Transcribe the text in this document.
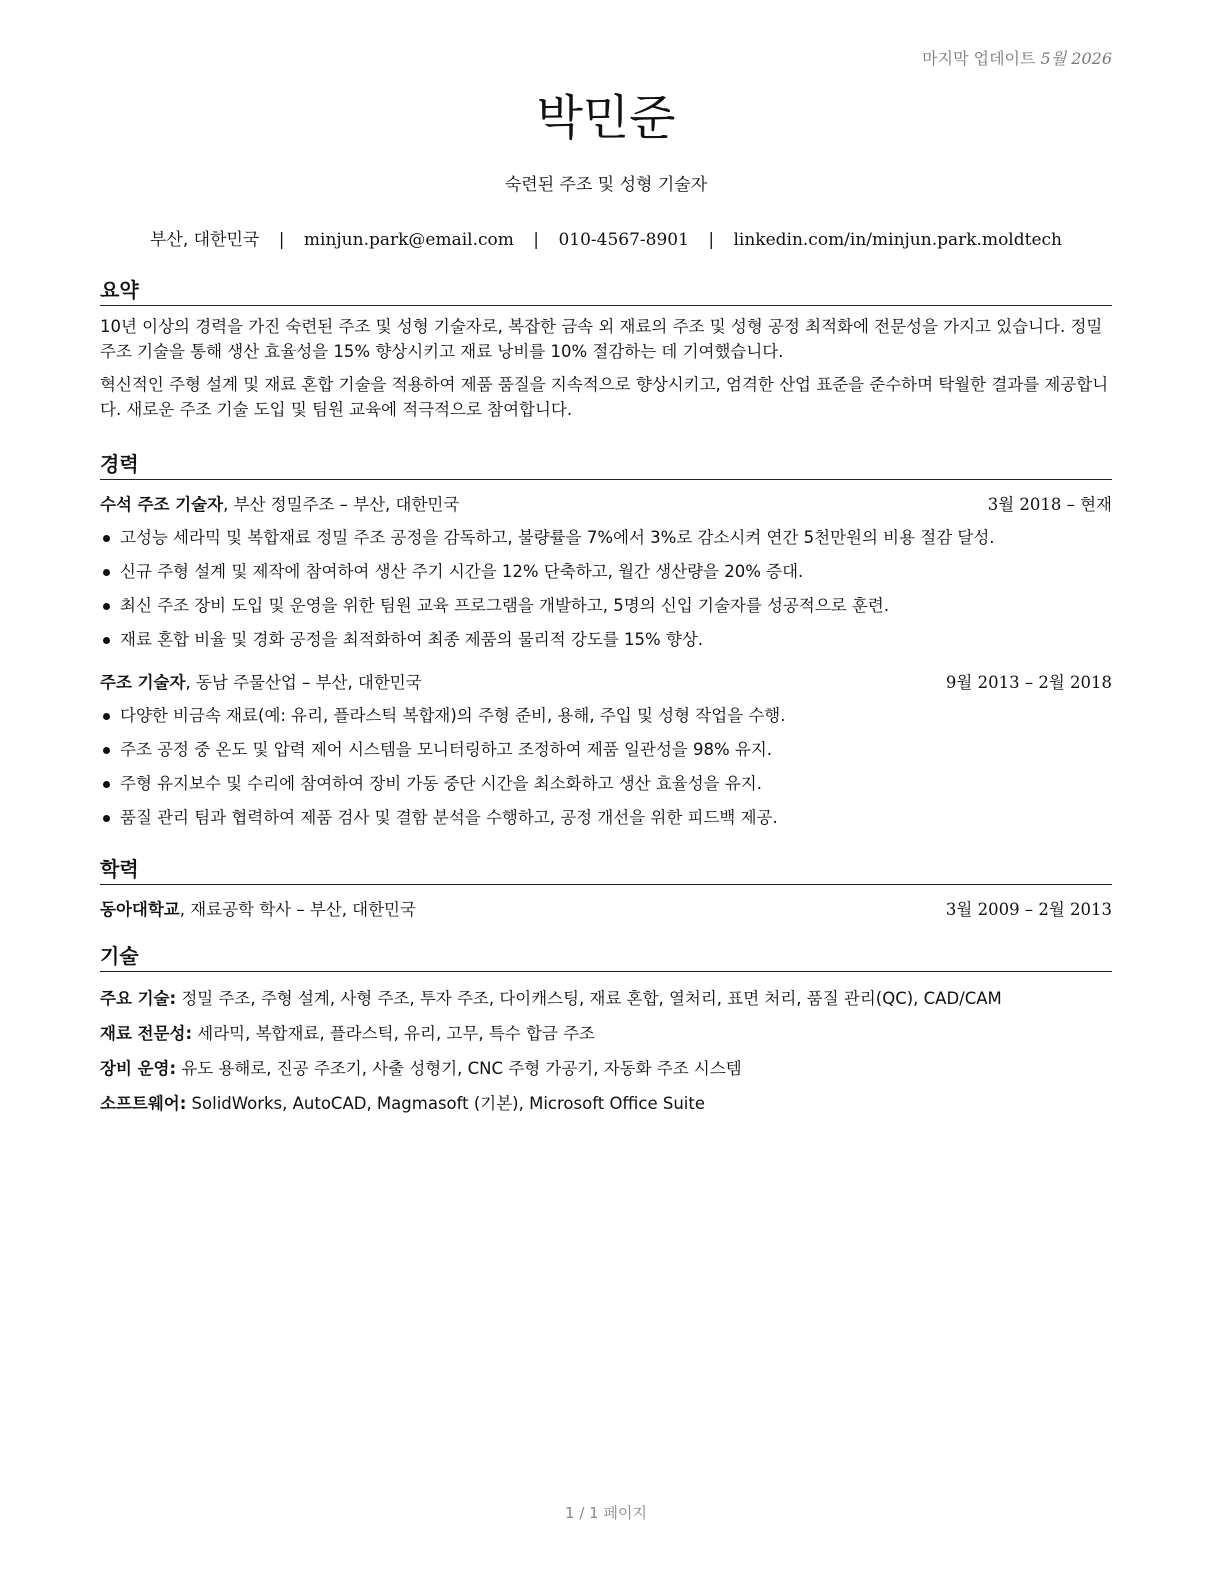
마지막 업데이트 5월 2026
박민준

숙련된 주조 및 성형 기술자

부산, 대한민국 | minjun.park@email.com | 010-4567-8901 | linkedin.com/in/minjun.park.moldtech
요약

10년 이상의 경력을 가진 숙련된 주조 및 성형 기술자로, 복잡한 금속 외 재료의 주조 및 성형 공정 최적화에 전문성을 가지고 있습니다. 정밀 주조 기술을 통해 생산 효율성을 15% 향상시키고 재료 낭비를 10% 절감하는 데 기여했습니다.

혁신적인 주형 설계 및 재료 혼합 기술을 적용하여 제품 품질을 지속적으로 향상시키고, 엄격한 산업 표준을 준수하며 탁월한 결과를 제공합니다. 새로운 주조 기술 도입 및 팀원 교육에 적극적으로 참여합니다.

경력
수석 주조 기술자, 부산 정밀주조 – 부산, 대한민국	3월 2018 – 현재
고성능 세라믹 및 복합재료 정밀 주조 공정을 감독하고, 불량률을 7%에서 3%로 감소시켜 연간 5천만원의 비용 절감 달성.
신규 주형 설계 및 제작에 참여하여 생산 주기 시간을 12% 단축하고, 월간 생산량을 20% 증대.
최신 주조 장비 도입 및 운영을 위한 팀원 교육 프로그램을 개발하고, 5명의 신입 기술자를 성공적으로 훈련.
재료 혼합 비율 및 경화 공정을 최적화하여 최종 제품의 물리적 강도를 15% 향상.
주조 기술자, 동남 주물산업 – 부산, 대한민국	9월 2013 – 2월 2018
다양한 비금속 재료(예: 유리, 플라스틱 복합재)의 주형 준비, 용해, 주입 및 성형 작업을 수행.
주조 공정 중 온도 및 압력 제어 시스템을 모니터링하고 조정하여 제품 일관성을 98% 유지.
주형 유지보수 및 수리에 참여하여 장비 가동 중단 시간을 최소화하고 생산 효율성을 유지.
품질 관리 팀과 협력하여 제품 검사 및 결함 분석을 수행하고, 공정 개선을 위한 피드백 제공.
학력
동아대학교, 재료공학 학사 – 부산, 대한민국	3월 2009 – 2월 2013
기술
주요 기술: 정밀 주조, 주형 설계, 사형 주조, 투자 주조, 다이캐스팅, 재료 혼합, 열처리, 표면 처리, 품질 관리(QC), CAD/CAM
재료 전문성: 세라믹, 복합재료, 플라스틱, 유리, 고무, 특수 합금 주조
장비 운영: 유도 용해로, 진공 주조기, 사출 성형기, CNC 주형 가공기, 자동화 주조 시스템
소프트웨어: SolidWorks, AutoCAD, Magmasoft (기본), Microsoft Office Suite
1 / 1 페이지
